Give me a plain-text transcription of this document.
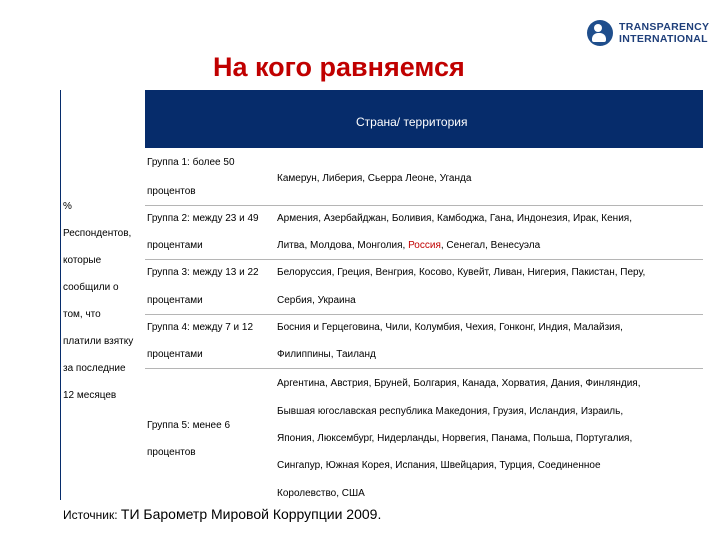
TRANSPARENCY
INTERNATIONAL
На кого равняемся
Страна/ территория
%
Респондентов,
которые
сообщили о
том, что
платили взятку
за последние
12 месяцев
Группа 1: более 50
процентов
Камерун, Либерия, Сьерра Леоне, Уганда
Группа 2: между 23 и 49
процентами
Армения, Азербайджан, Боливия, Камбоджа, Гана, Индонезия, Ирак, Кения,
Литва, Молдова, Монголия, Россия, Сенегал, Венесуэла
Группа 3: между 13 и 22
процентами
Белоруссия, Греция, Венгрия, Косово, Кувейт, Ливан, Нигерия, Пакистан, Перу,
Сербия, Украина
Группа 4: между 7 и 12
процентами
Босния и Герцеговина, Чили, Колумбия, Чехия, Гонконг, Индия, Малайзия,
Филиппины, Таиланд
Группа 5: менее 6
процентов
Аргентина, Австрия, Бруней, Болгария, Канада, Хорватия, Дания, Финляндия,
Бывшая югославская республика Македония, Грузия, Исландия, Израиль,
Япония, Люксембург, Нидерланды, Норвегия, Панама, Польша, Португалия,
Сингапур, Южная Корея, Испания, Швейцария, Турция, Соединенное
Королевство, США
Источник: ТИ Барометр Мировой Коррупции 2009.
